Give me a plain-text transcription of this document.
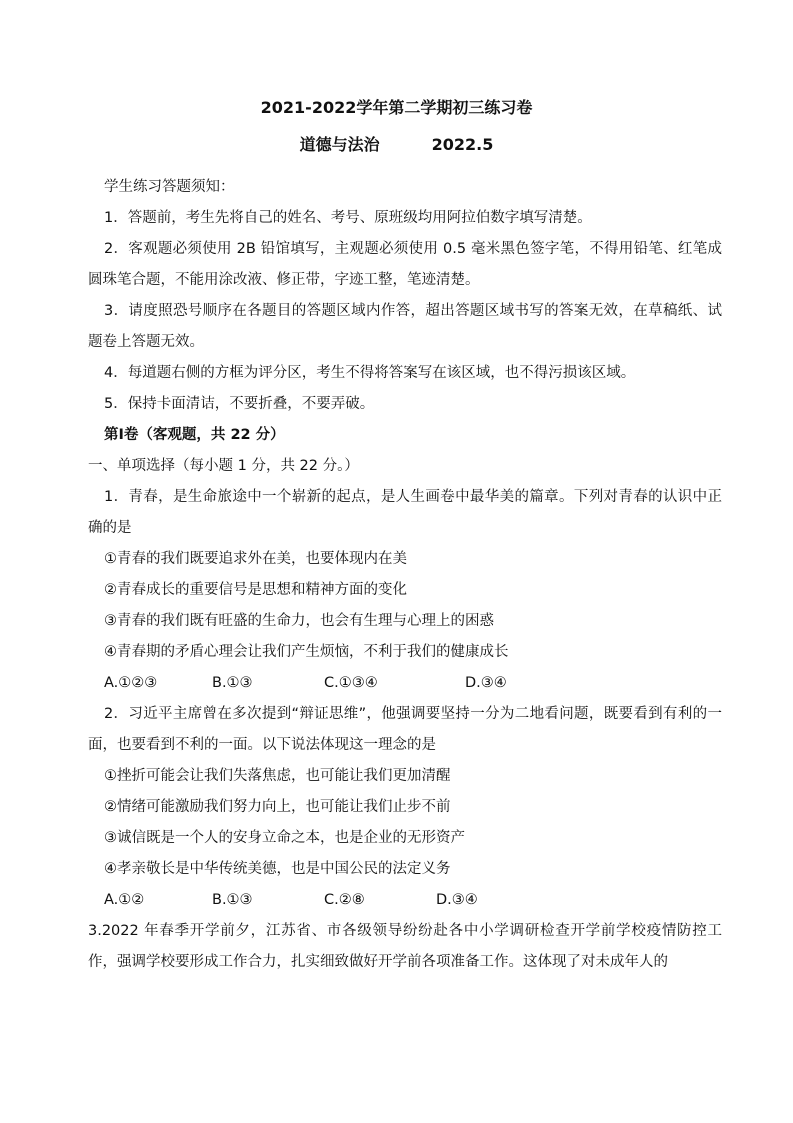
2021-2022学年第二学期初三练习卷
道德与法治	2022.5

学生练习答题须知：

1．答题前，考生先将自己的姓名、考号、原班级均用阿拉伯数字填写清楚。

2．客观题必须使用 2B 铅馆填写，主观题必须使用 0.5 毫米黑色签字笔，不得用铅笔、红笔成圆珠笔合题，不能用涂改液、修正带，字迹工整，笔迹清楚。

3．请度照恐号顺序在各题目的答题区域内作答，超出答题区域书写的答案无效，在草稿纸、试题卷上答题无效。

4．每道题右侧的方框为评分区，考生不得将答案写在该区域，也不得污损该区域。

5．保持卡面清诘，不要折叠，不要弄破。

第Ⅰ卷（客观题，共 22 分）

一、单项选择（每小题 1 分，共 22 分。）

1．青春，是生命旅途中一个崭新的起点，是人生画卷中最华美的篇章。下列对青春的认识中正确的是

①青春的我们既要追求外在美，也要体现内在美

②青春成长的重要信号是思想和精神方面的变化

③青春的我们既有旺盛的生命力，也会有生理与心理上的困惑

④青春期的矛盾心理会让我们产生烦恼，不利于我们的健康成长

A.①②③	B.①③	C.①③④	D.③④

2．习近平主席曾在多次提到“辩证思维”，他强调要坚持一分为二地看问题，既要看到有利的一面，也要看到不利的一面。以下说法体现这一理念的是

①挫折可能会让我们失落焦虑，也可能让我们更加清醒

②情绪可能激励我们努力向上，也可能让我们止步不前

③诚信既是一个人的安身立命之本，也是企业的无形资产

④孝亲敬长是中华传统美德，也是中国公民的法定义务

A.①②	B.①③	C.②⑧	D.③④

3.2022 年春季开学前夕，江苏省、市各级领导纷纷赴各中小学调研检查开学前学校疫情防控工作，强调学校要形成工作合力，扎实细致做好开学前各项准备工作。这体现了对未成年人的
